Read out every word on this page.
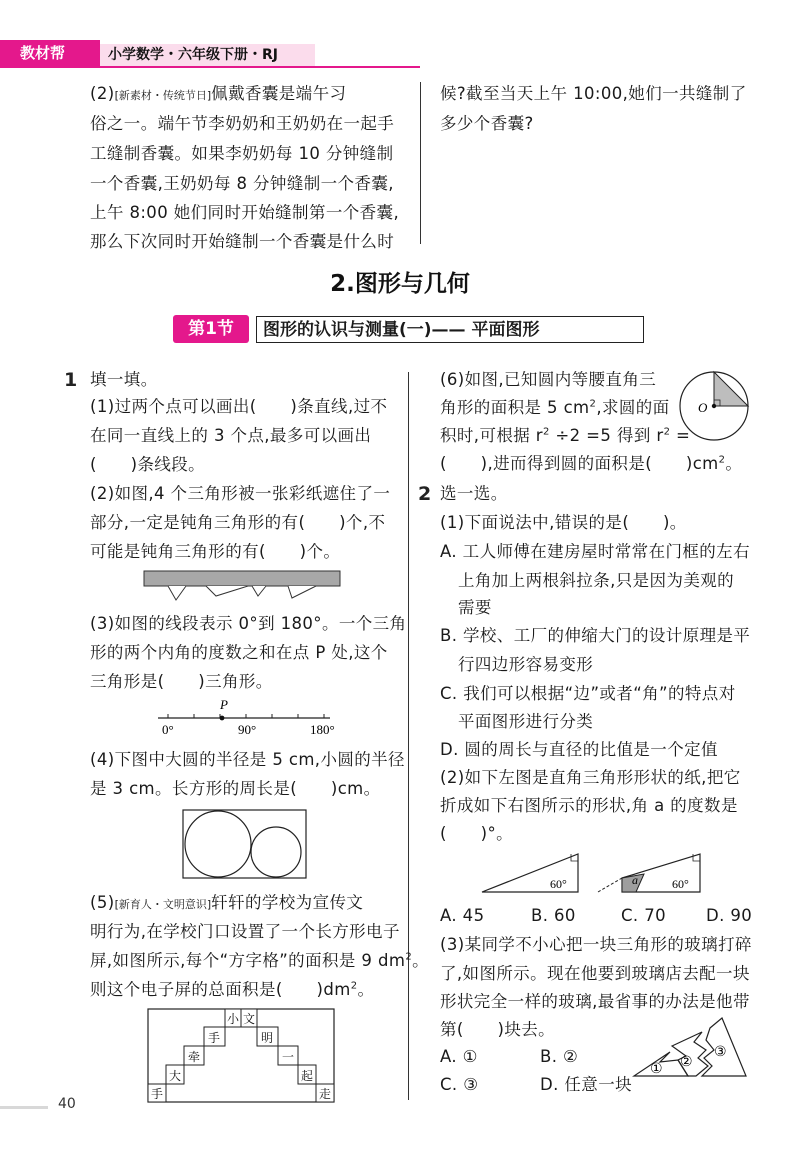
教材帮	小学数学・六年级下册・RJ
(2)[新素材・传统节日]佩戴香囊是端午习
俗之一。端午节李奶奶和王奶奶在一起手
工缝制香囊。如果李奶奶每 10 分钟缝制
一个香囊,王奶奶每 8 分钟缝制一个香囊,
上午 8:00 她们同时开始缝制第一个香囊,
那么下次同时开始缝制一个香囊是什么时
候?截至当天上午 10:00,她们一共缝制了
多少个香囊?
2.图形与几何
第1节	图形的认识与测量(一)—— 平面图形
1 填一填。
(1)过两个点可以画出(　　)条直线,过不
在同一直线上的 3 个点,最多可以画出
(　　)条线段。
(2)如图,4 个三角形被一张彩纸遮住了一
部分,一定是钝角三角形的有(　　)个,不
可能是钝角三角形的有(　　)个。
(3)如图的线段表示 0°到 180°。一个三角
形的两个内角的度数之和在点 P 处,这个
三角形是(　　)三角形。
P
0°	90°	180°
(4)下图中大圆的半径是 5 cm,小圆的半径
是 3 cm。长方形的周长是(　　)cm。
(5)[新育人・文明意识]轩轩的学校为宣传文
明行为,在学校门口设置了一个长方形电子
屏,如图所示,每个“方字格”的面积是 9 $dm^2$。
则这个电子屏的总面积是(　　)$dm^2$。
小 文
手	明
牵	一
大	起
手	走
(6)如图,已知圆内等腰直角三
角形的面积是 5 $cm^2$,求圆的面
积时,可根据 $r^2 \div 2 =5$ 得到 $r^2$ =
(　　),进而得到圆的面积是(　　)$cm^2$。
O
2 选一选。
(1)下面说法中,错误的是(　　)。
A. 工人师傅在建房屋时常常在门框的左右
上角加上两根斜拉条,只是因为美观的
需要
B. 学校、工厂的伸缩大门的设计原理是平
行四边形容易变形
C. 我们可以根据“边”或者“角”的特点对
平面图形进行分类
D. 圆的周长与直径的比值是一个定值
(2)如下左图是直角三角形形状的纸,把它
折成如下右图所示的形状,角 a 的度数是
(　　)°。
60°	a	60°
A. 45	B. 60	C. 70 D. 90
(3)某同学不小心把一块三角形的玻璃打碎
了,如图所示。现在他要到玻璃店去配一块
形状完全一样的玻璃,最省事的办法是他带
第(　　)块去。
A. ①	B. ②
C. ③	D. 任意一块
① ②
③
40
